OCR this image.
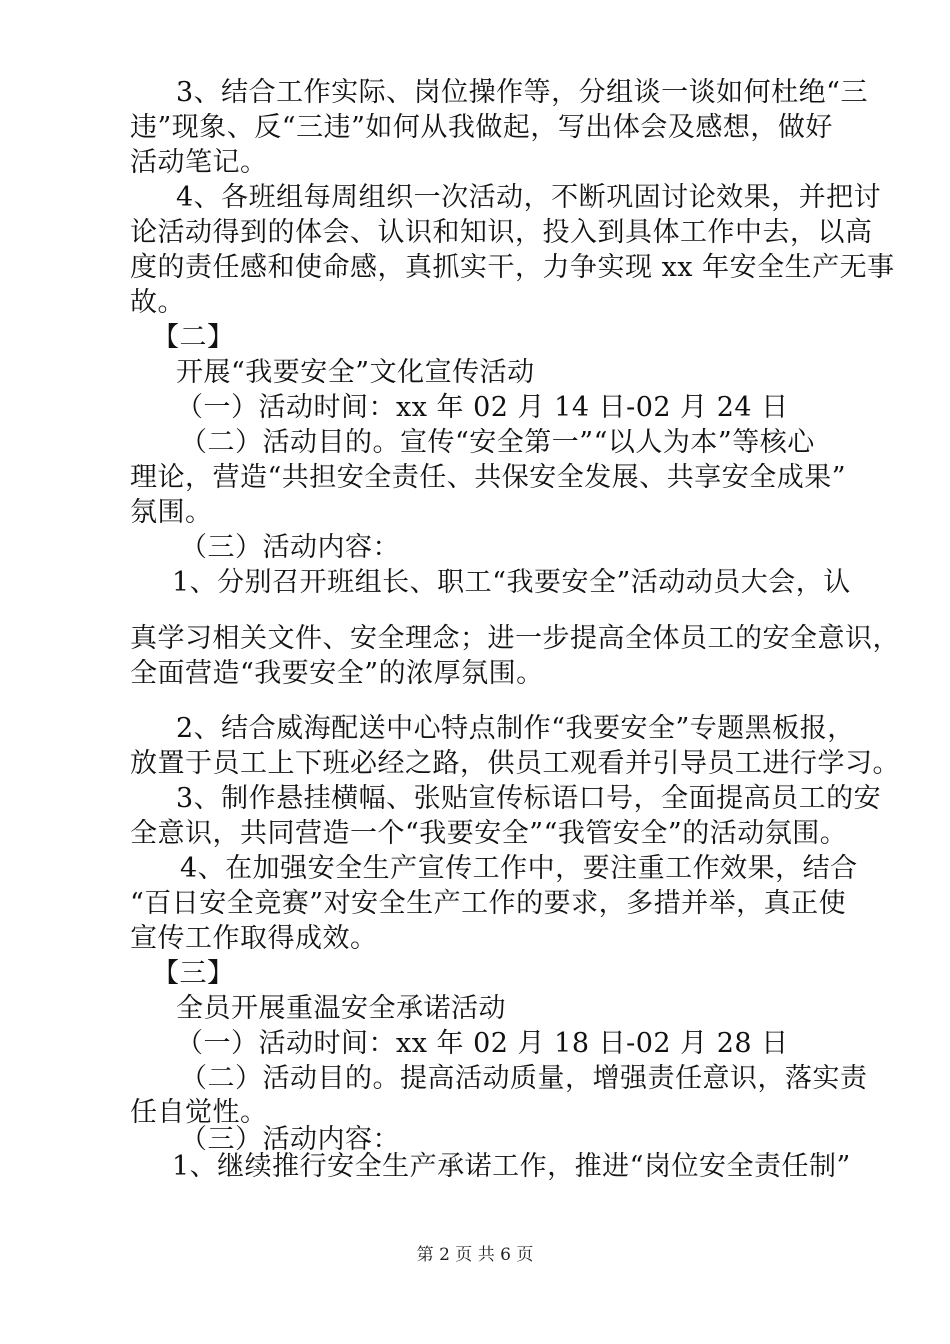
3、结合工作实际、岗位操作等，分组谈一谈如何杜绝“三
违”现象、反“三违”如何从我做起，写出体会及感想，做好
活动笔记。
4、各班组每周组织一次活动，不断巩固讨论效果，并把讨
论活动得到的体会、认识和知识，投入到具体工作中去，以高
度的责任感和使命感，真抓实干，力争实现 xx 年安全生产无事
故。
【二】
开展“我要安全”文化宣传活动
（一）活动时间：xx 年 02 月 14 日-02 月 24 日
（二）活动目的。宣传“安全第一”“以人为本”等核心
理论，营造“共担安全责任、共保安全发展、共享安全成果”
氛围。
（三）活动内容：
1、分别召开班组长、职工“我要安全”活动动员大会，认
真学习相关文件、安全理念；进一步提高全体员工的安全意识，
全面营造“我要安全”的浓厚氛围。
2、结合威海配送中心特点制作“我要安全”专题黑板报，
放置于员工上下班必经之路，供员工观看并引导员工进行学习。
3、制作悬挂横幅、张贴宣传标语口号，全面提高员工的安
全意识，共同营造一个“我要安全”“我管安全”的活动氛围。
4、在加强安全生产宣传工作中，要注重工作效果，结合
“百日安全竞赛”对安全生产工作的要求，多措并举，真正使
宣传工作取得成效。
【三】
全员开展重温安全承诺活动
（一）活动时间：xx 年 02 月 18 日-02 月 28 日
（二）活动目的。提高活动质量，增强责任意识，落实责
任自觉性。
（三）活动内容：
1、继续推行安全生产承诺工作，推进“岗位安全责任制”
第 2 页 共 6 页
